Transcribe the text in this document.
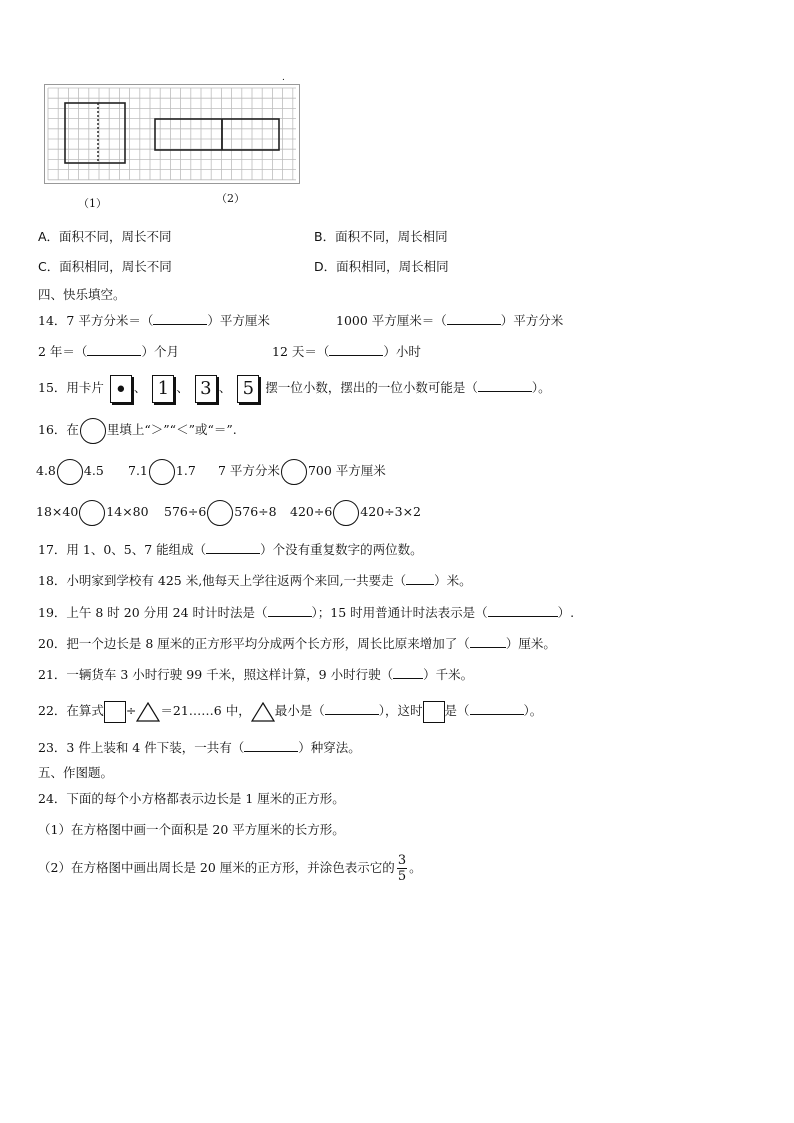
.
（1）	（2）
A．面积不同，周长不同	B．面积不同，周长相同
C．面积相同，周长不同	D．面积相同，周长相同
四、快乐填空。
14．7 平方分米＝（	）平方厘米	1000 平方厘米＝（	）平方分米
2 年＝（	）个月	12 天＝（	）小时
15．用卡片 • 、 1 、 3 、 5 摆一位小数，摆出的一位小数可能是（	）。
16．在 里填上“＞”“＜”或“＝”.
4.8 4.5 7.1 1.7 7 平方分米 700 平方厘米
18×40 14×80 576÷6 576÷8 420÷6 420÷3×2
17．用 1、0、5、7 能组成（	）个没有重复数字的两位数。
18．小明家到学校有 425 米,他每天上学往返两个来回,一共要走（ ）米。
19．上午 8 时 20 分用 24 时计时法是（	）；15 时用普通计时法表示是（	）.
20．把一个边长是 8 厘米的正方形平均分成两个长方形，周长比原来增加了（	）厘米。
21．一辆货车 3 小时行驶 99 千米，照这样计算，9 小时行驶（ ）千米。
22．在算式 ÷ ＝21……6 中， 最小是（	），这时 是（	）。
23．3 件上装和 4 件下装，一共有（	）种穿法。
五、作图题。
24．下面的每个小方格都表示边长是 1 厘米的正方形。
（1）在方格图中画一个面积是 20 平方厘米的长方形。
（2）在方格图中画出周长是 20 厘米的正方形，并涂色表示它的 $\frac{3}{5}$ 。
